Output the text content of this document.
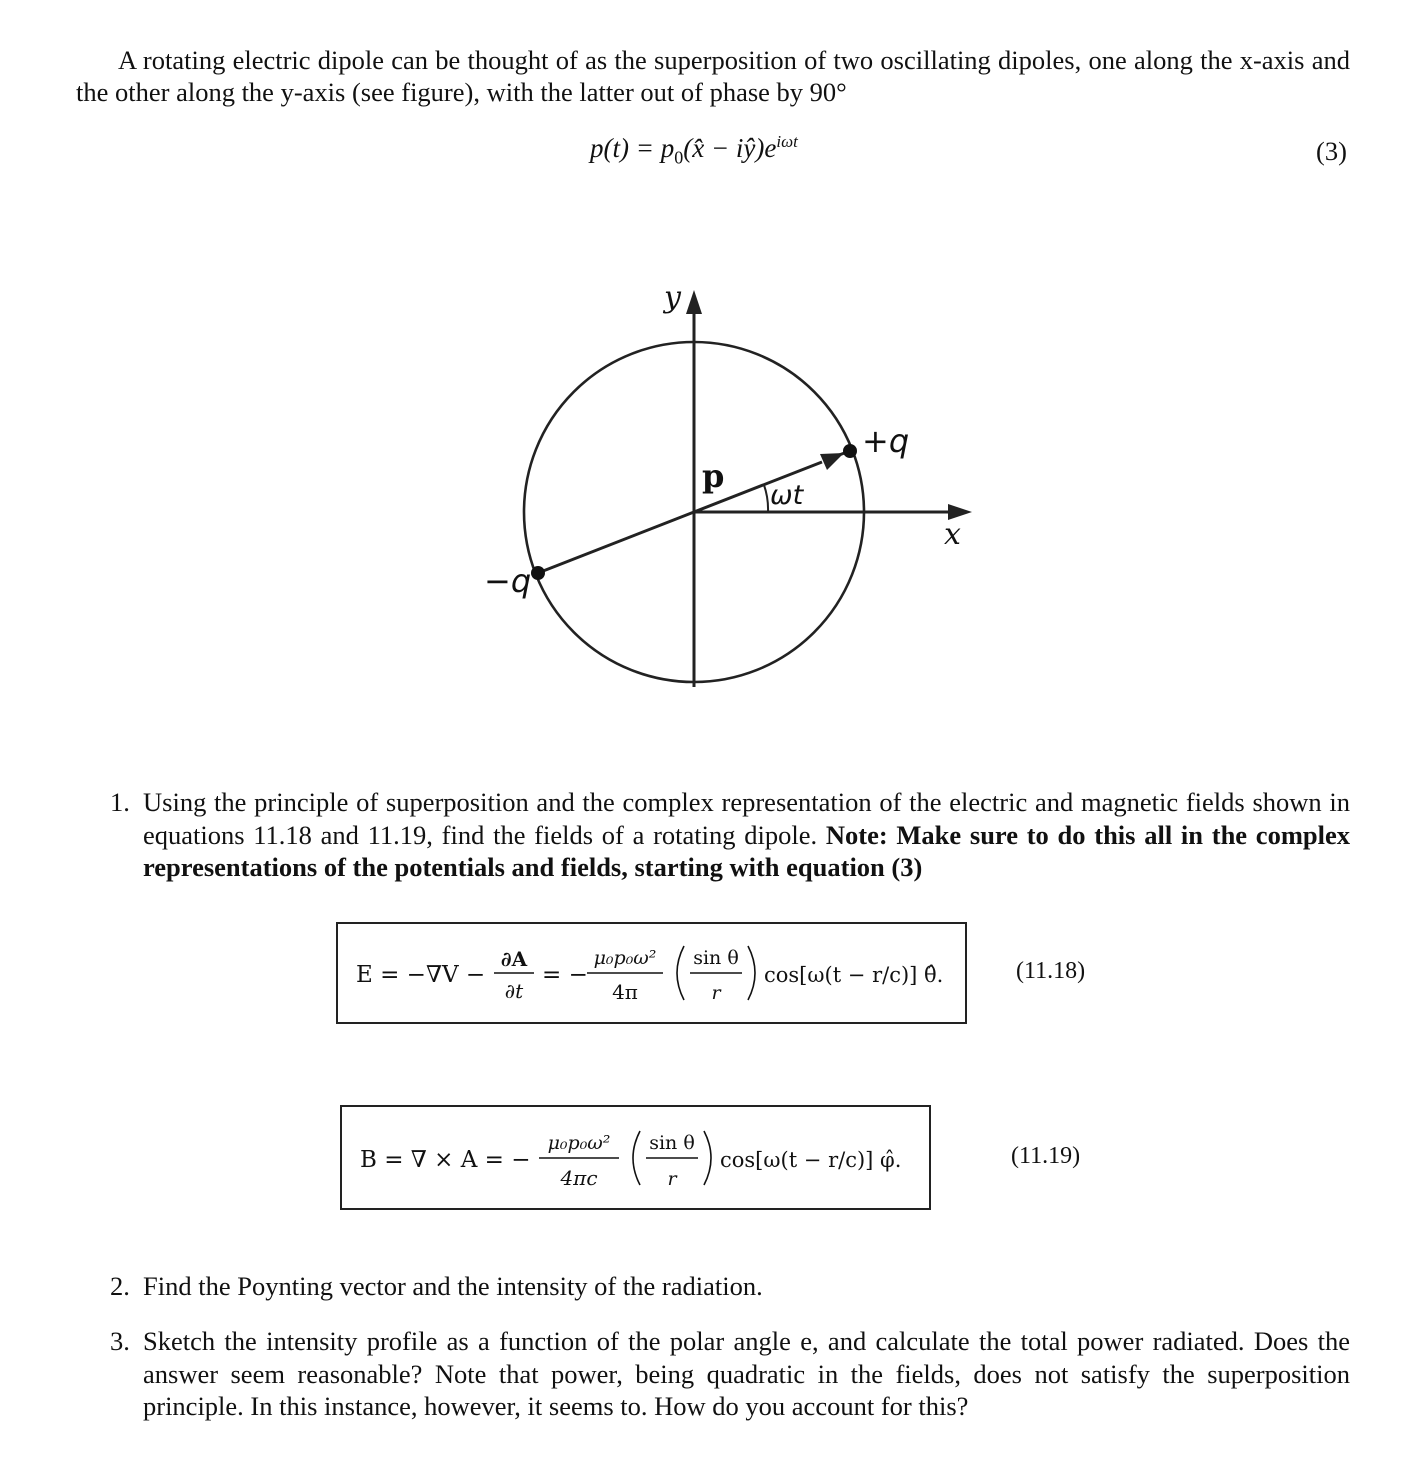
A rotating electric dipole can be thought of as the superposition of two oscillating dipoles, one along the x-axis and the other along the y-axis (see figure), with the latter out of phase by 90°

$p(t) = p_0(x̂$ − $iŷ)e^{i\omega t}$	(3)
y
x
p
ωt
+q
−q
1. Using the principle of superposition and the complex representation of the electric and magnetic fields shown in equations 11.18 and 11.19, find the fields of a rotating dipole. Note: Make sure to do this all in the complex representations of the potentials and fields, starting with equation (3)
E = −∇V −
∂A
∂t
= −
μ₀p₀ω²
4π
sin θ
r
cos[ω(t − r/c)] θ̂.	(11.18)
B = ∇ × A = −
μ₀p₀ω²
4πc
sin θ
r
cos[ω(t − r/c)] φ̂.	(11.19)
2. Find the Poynting vector and the intensity of the radiation.
3. Sketch the intensity profile as a function of the polar angle e, and calculate the total power radiated. Does the answer seem reasonable? Note that power, being quadratic in the fields, does not satisfy the superposition principle. In this instance, however, it seems to. How do you account for this?
